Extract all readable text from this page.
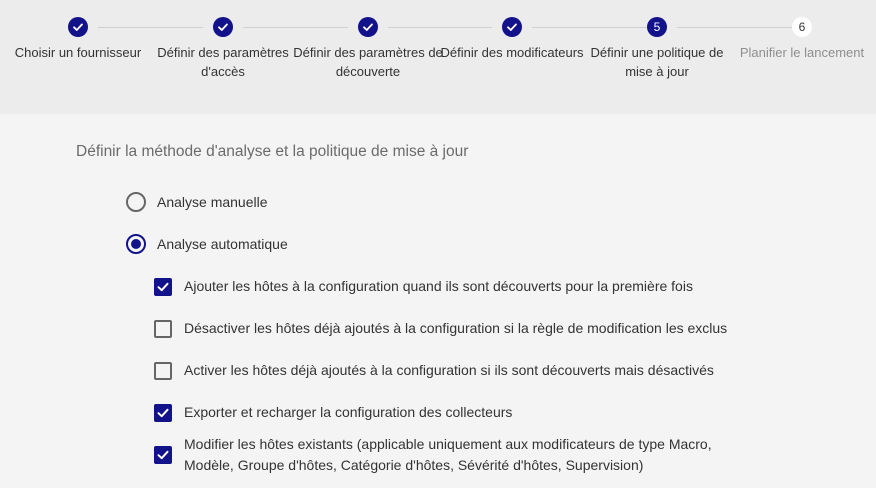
Choisir un fournisseur	Définir des paramètres d'accès
Définir des paramètres de découverte
Définir des modificateurs
5
Définir une politique de mise à jour
6
Planifier le lancement
Définir la méthode d'analyse et la politique de mise à jour
Analyse manuelle
Analyse automatique
Ajouter les hôtes à la configuration quand ils sont découverts pour la première fois
Désactiver les hôtes déjà ajoutés à la configuration si la règle de modification les exclus
Activer les hôtes déjà ajoutés à la configuration si ils sont découverts mais désactivés
Exporter et recharger la configuration des collecteurs
Modifier les hôtes existants (applicable uniquement aux modificateurs de type Macro, Modèle, Groupe d'hôtes, Catégorie d'hôtes, Sévérité d'hôtes, Supervision)
